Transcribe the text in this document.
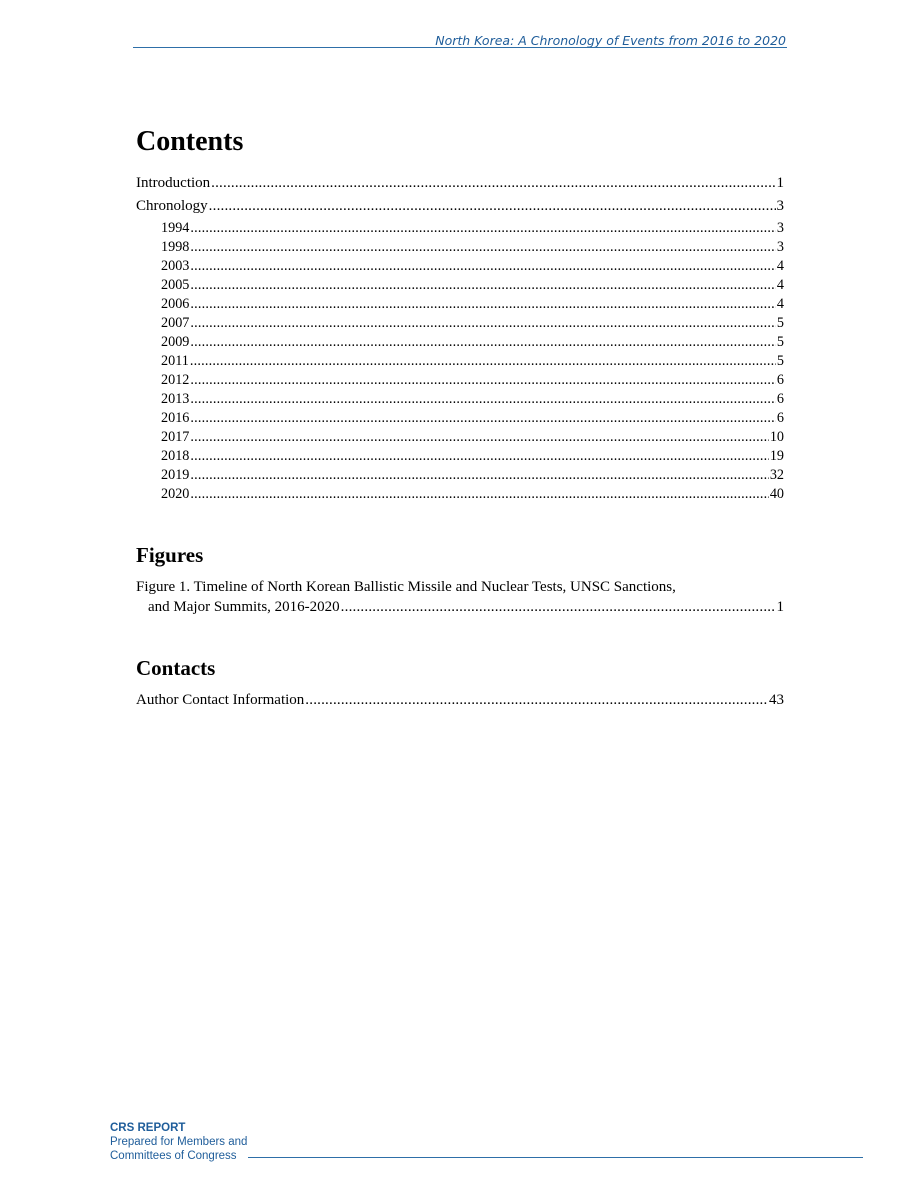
North Korea: A Chronology of Events from 2016 to 2020
Contents
Introduction .....	1
Chronology .....	3
1994 .....	3
1998 .....	3
2003 .....	4
2005 .....	4
2006 .....	4
2007 .....	5
2009 .....	5
2011 .....	5
2012 .....	6
2013 .....	6
2016 .....	6
2017 .....	10
2018 .....	19
2019 .....	32
2020 .....	40
Figures
Figure 1. Timeline of North Korean Ballistic Missile and Nuclear Tests, UNSC Sanctions,
and Major Summits, 2016-2020 .....	1
Contacts
Author Contact Information .....	43
CRS REPORT
Prepared for Members and
Committees of Congress
